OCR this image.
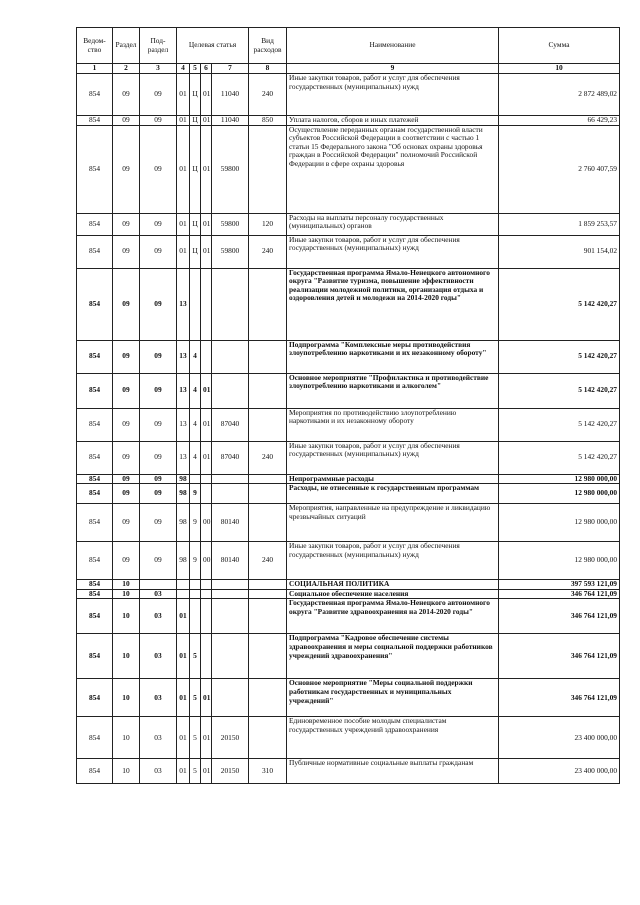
Ведом-ство	Раздел	Под-раздел	Целевая статья				Вид расходов	Наименование	Сумма
1	2	3	4	5	6	7	8	9	10
854	09	09	01	Ц	01	11040	240	Иные закупки товаров, работ и услуг для обеспечения государственных (муниципальных) нужд	2 872 489,02
854	09	09	01	Ц	01	11040	850	Уплата налогов, сборов и иных платежей	66 429,23
854	09	09	01	Ц	01	59800		Осуществление переданных органам государственной власти субъектов Российской Федерации в соответствии с частью 1 статьи 15 Федерального закона "Об основах охраны здоровья граждан в Российской Федерации" полномочий Российской Федерации в сфере охраны здоровья	2 760 407,59
854	09	09	01	Ц	01	59800	120	Расходы на выплаты персоналу государственных (муниципальных) органов	1 859 253,57
854	09	09	01	Ц	01	59800	240	Иные закупки товаров, работ и услуг для обеспечения государственных (муниципальных) нужд	901 154,02
854	09	09	13					Государственная программа Ямало-Ненецкого автономного округа "Развитие туризма, повышение эффективности реализации молодежной политики, организация отдыха и оздоровления детей и молодежи на 2014-2020 годы"	5 142 420,27
854	09	09	13	4				Подпрограмма "Комплексные меры противодействия злоупотреблению наркотиками и их незаконному обороту"	5 142 420,27
854	09	09	13	4	01			Основное мероприятие "Профилактика и противодействие злоупотреблению наркотиками и алкоголем"	5 142 420,27
854	09	09	13	4	01	87040		Мероприятия по противодействию злоупотреблению наркотиками и их незаконному обороту	5 142 420,27
854	09	09	13	4	01	87040	240	Иные закупки товаров, работ и услуг для обеспечения государственных (муниципальных) нужд	5 142 420,27
854	09	09	98					Непрограммные расходы	12 980 000,00
854	09	09	98	9				Расходы, не отнесенные к государственным программам	12 980 000,00
854	09	09	98	9	00	80140		Мероприятия, направленные на предупреждение и ликвидацию чрезвычайных ситуаций	12 980 000,00
854	09	09	98	9	00	80140	240	Иные закупки товаров, работ и услуг для обеспечения государственных (муниципальных) нужд	12 980 000,00
854	10							СОЦИАЛЬНАЯ ПОЛИТИКА	397 593 121,09
854	10	03						Социальное обеспечение населения	346 764 121,09
854	10	03	01					Государственная программа Ямало-Ненецкого автономного округа "Развитие здравоохранения на 2014-2020 годы"	346 764 121,09
854	10	03	01	5				Подпрограмма "Кадровое обеспечение системы здравоохранения и меры социальной поддержки работников учреждений здравоохранения"	346 764 121,09
854	10	03	01	5	01			Основное мероприятие "Меры социальной поддержки работникам государственных и муниципальных учреждений"	346 764 121,09
854	10	03	01	5	01	20150		Единовременное пособие молодым специалистам государственных учреждений здравоохранения	23 400 000,00
854	10	03	01	5	01	20150	310	Публичные нормативные социальные выплаты гражданам	23 400 000,00
